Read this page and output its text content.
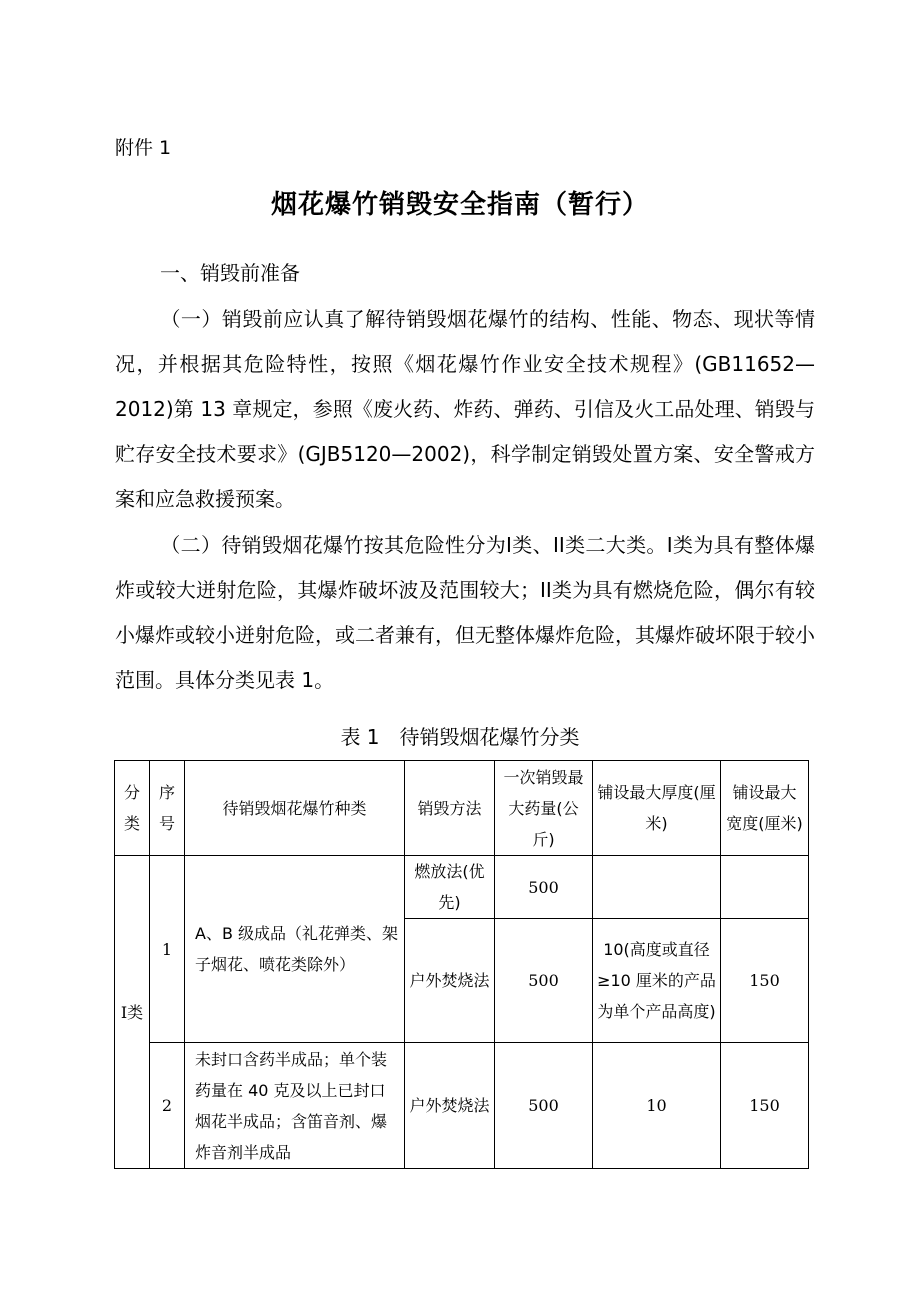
附件 1
烟花爆竹销毁安全指南（暂行）
一、销毁前准备
（一）销毁前应认真了解待销毁烟花爆竹的结构、性能、物态、现状等情况，并根据其危险特性，按照《烟花爆竹作业安全技术规程》(GB11652—2012)第 13 章规定，参照《废火药、炸药、弹药、引信及火工品处理、销毁与贮存安全技术要求》(GJB5120—2002)，科学制定销毁处置方案、安全警戒方案和应急救援预案。
（二）待销毁烟花爆竹按其危险性分为I类、II类二大类。I类为具有整体爆炸或较大迸射危险，其爆炸破坏波及范围较大；II类为具有燃烧危险，偶尔有较小爆炸或较小迸射危险，或二者兼有，但无整体爆炸危险，其爆炸破坏限于较小范围。具体分类见表 1。
表 1　待销毁烟花爆竹分类
分类	序号	待销毁烟花爆竹种类	销毁方法	一次销毁最大药量(公斤)	铺设最大厚度(厘米)	铺设最大宽度(厘米)
I类	1	A、B 级成品（礼花弹类、架子烟花、喷花类除外）	燃放法(优先)	500		
			户外焚烧法	500	10(高度或直径≥10 厘米的产品为单个产品高度)	150
	2	未封口含药半成品；单个装药量在 40 克及以上已封口烟花半成品；含笛音剂、爆炸音剂半成品	户外焚烧法	500	10	150
